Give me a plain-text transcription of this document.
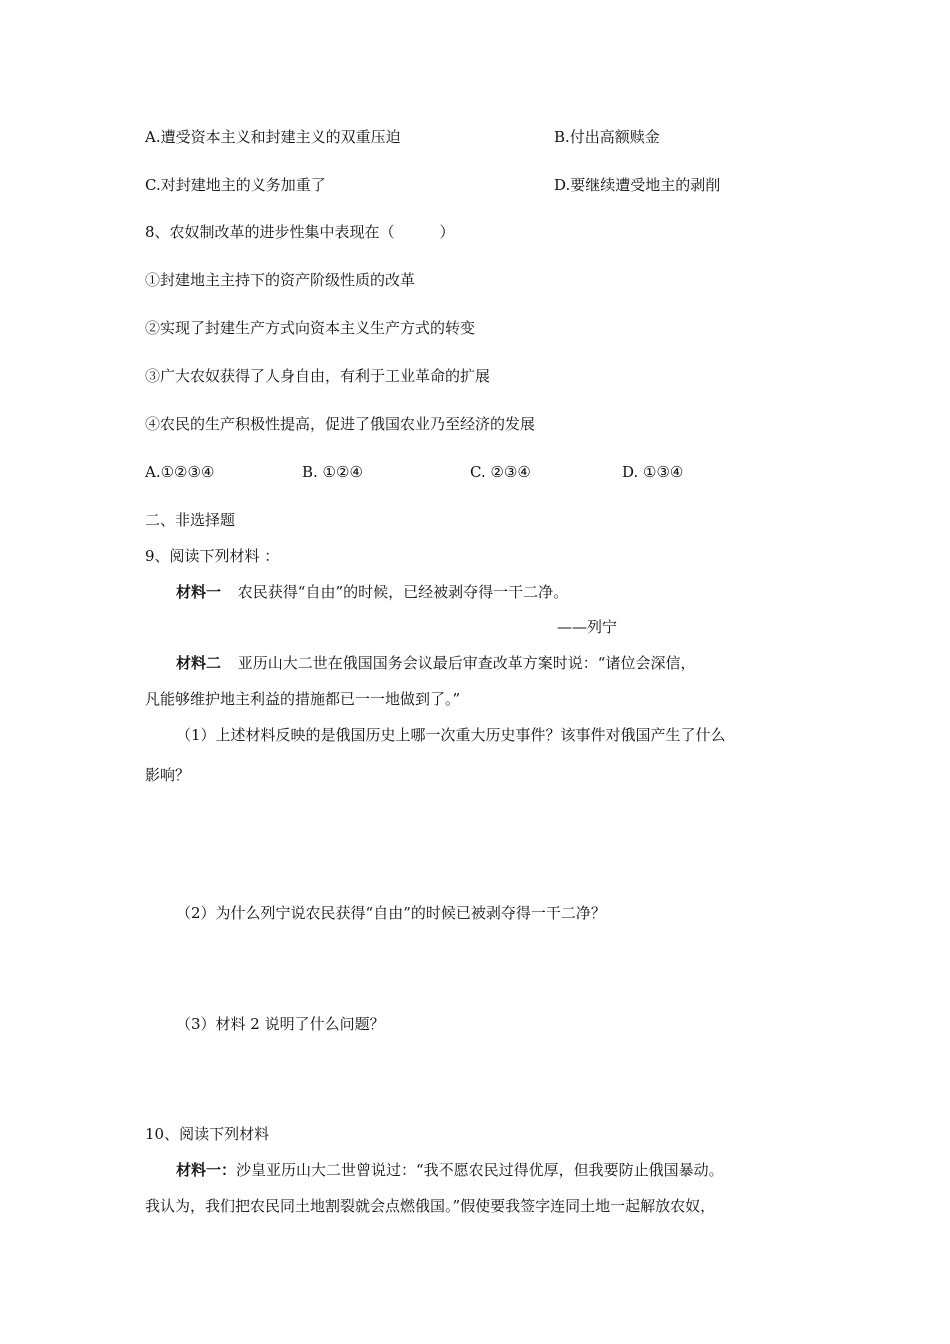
A.遭受资本主义和封建主义的双重压迫	B.付出高额赎金
C.对封建地主的义务加重了	D.要继续遭受地主的剥削
8、农奴制改革的进步性集中表现在（　　　）
①封建地主主持下的资产阶级性质的改革
②实现了封建生产方式向资本主义生产方式的转变
③广大农奴获得了人身自由，有利于工业革命的扩展
④农民的生产积极性提高，促进了俄国农业乃至经济的发展
A.①②③④	B. ①②④	C. ②③④	D. ①③④
二、非选择题
9、阅读下列材料 ：
材料一 农民获得“自由”的时候，已经被剥夺得一干二净。
——列宁
材料二 亚历山大二世在俄国国务会议最后审查改革方案时说：“诸位会深信，
凡能够维护地主利益的措施都已一一地做到了。”
（1）上述材料反映的是俄国历史上哪一次重大历史事件？该事件对俄国产生了什么
影响？
（2）为什么列宁说农民获得“自由”的时候已被剥夺得一干二净？
（3）材料 2 说明了什么问题？
10、阅读下列材料
材料一：沙皇亚历山大二世曾说过：“我不愿农民过得优厚，但我要防止俄国暴动。
我认为，我们把农民同土地割裂就会点燃俄国。”假使要我签字连同土地一起解放农奴，
